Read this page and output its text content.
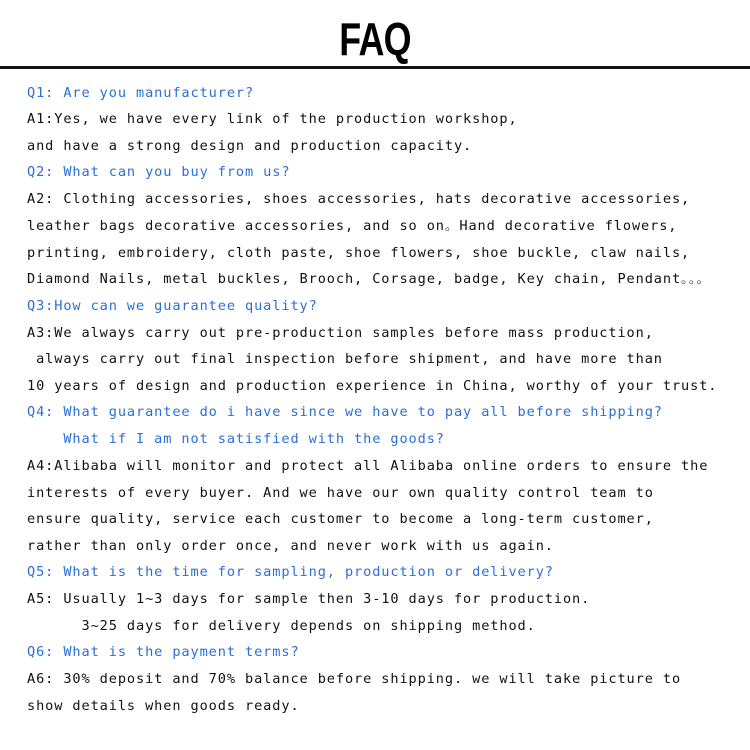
FAQ
Q1: Are you manufacturer?
A1:Yes, we have every link of the production workshop,
and have a strong design and production capacity.
Q2: What can you buy from us?
A2: Clothing accessories, shoes accessories, hats decorative accessories,
leather bags decorative accessories, and so on。Hand decorative flowers,
printing, embroidery, cloth paste, shoe flowers, shoe buckle, claw nails,
Diamond Nails, metal buckles, Brooch, Corsage, badge, Key chain, Pendant。。。
Q3:How can we guarantee quality?
A3:We always carry out pre-production samples before mass production,
always carry out final inspection before shipment, and have more than
10 years of design and production experience in China, worthy of your trust.
Q4: What guarantee do i have since we have to pay all before shipping?
What if I am not satisfied with the goods?
A4:Alibaba will monitor and protect all Alibaba online orders to ensure the
interests of every buyer. And we have our own quality control team to
ensure quality, service each customer to become a long-term customer,
rather than only order once, and never work with us again.
Q5: What is the time for sampling, production or delivery?
A5: Usually 1~3 days for sample then 3-10 days for production.
3~25 days for delivery depends on shipping method.
Q6: What is the payment terms?
A6: 30% deposit and 70% balance before shipping. we will take picture to
show details when goods ready.
